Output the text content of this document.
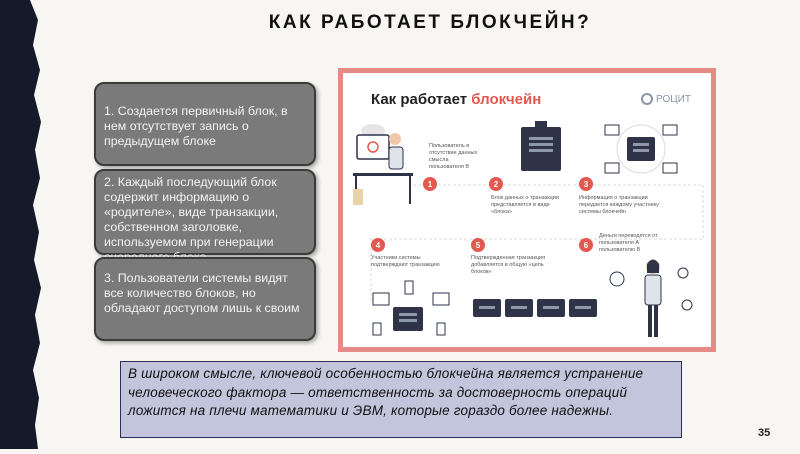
КАК РАБОТАЕТ БЛОКЧЕЙН?
1. Создается первичный блок, в нем отсутствует запись о предыдущем блоке
2. Каждый последующий блок содержит информацию о «родителе», виде транзакции, собственном заголовке, используемом при генерации
3. Пользователи системы видят все количество блоков, но обладают доступом лишь к своим
Как работает блокчейн	РОЦИТ
1	2	3
4	5	6
Пользователь в отсутствие данных смысла пользователя В
Блок данных о транзакции представляется в виде «блока»
Информация о транзакции передается каждому участнику системы блокчейн
Участники системы подтверждают транзакцию
Подтвержденная транзакция добавляется в общую «цепь блоков»
Деньги переводятся от пользователя А пользователю В
В широком смысле, ключевой особенностью блокчейна является устранение человеческого фактора — ответственность за достоверность операций ложится на плечи математики и ЭВМ, которые гораздо более надежны.
35
